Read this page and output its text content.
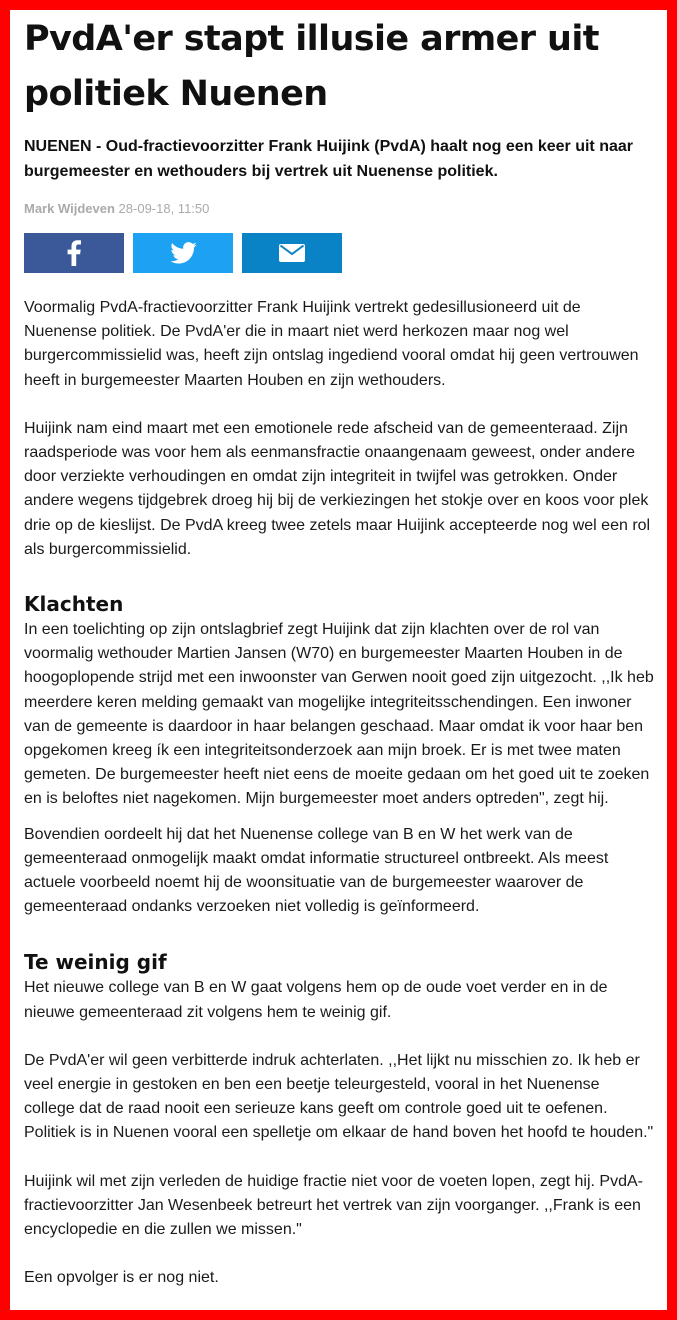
PvdA'er stapt illusie armer uit politiek Nuenen

NUENEN - Oud-fractievoorzitter Frank Huijink (PvdA) haalt nog een keer uit naar burgemeester en wethouders bij vertrek uit Nuenense politiek.

Mark Wijdeven 28-09-18, 11:50

Voormalig PvdA-fractievoorzitter Frank Huijink vertrekt gedesillusioneerd uit de Nuenense politiek. De PvdA'er die in maart niet werd herkozen maar nog wel burgercommissielid was, heeft zijn ontslag ingediend vooral omdat hij geen vertrouwen heeft in burgemeester Maarten Houben en zijn wethouders.

Huijink nam eind maart met een emotionele rede afscheid van de gemeenteraad. Zijn raadsperiode was voor hem als eenmansfractie onaangenaam geweest, onder andere door verziekte verhoudingen en omdat zijn integriteit in twijfel was getrokken. Onder andere wegens tijdgebrek droeg hij bij de verkiezingen het stokje over en koos voor plek drie op de kieslijst. De PvdA kreeg twee zetels maar Huijink accepteerde nog wel een rol als burgercommissielid.

Klachten

In een toelichting op zijn ontslagbrief zegt Huijink dat zijn klachten over de rol van voormalig wethouder Martien Jansen (W70) en burgemeester Maarten Houben in de hoogoplopende strijd met een inwoonster van Gerwen nooit goed zijn uitgezocht. ,,Ik heb meerdere keren melding gemaakt van mogelijke integriteitsschendingen. Een inwoner van de gemeente is daardoor in haar belangen geschaad. Maar omdat ik voor haar ben opgekomen kreeg ík een integriteitsonderzoek aan mijn broek. Er is met twee maten gemeten. De burgemeester heeft niet eens de moeite gedaan om het goed uit te zoeken en is beloftes niet nagekomen. Mijn burgemeester moet anders optreden", zegt hij.

Bovendien oordeelt hij dat het Nuenense college van B en W het werk van de gemeenteraad onmogelijk maakt omdat informatie structureel ontbreekt. Als meest actuele voorbeeld noemt hij de woonsituatie van de burgemeester waarover de gemeenteraad ondanks verzoeken niet volledig is geïnformeerd.

Te weinig gif

Het nieuwe college van B en W gaat volgens hem op de oude voet verder en in de nieuwe gemeenteraad zit volgens hem te weinig gif.

De PvdA'er wil geen verbitterde indruk achterlaten. ,,Het lijkt nu misschien zo. Ik heb er veel energie in gestoken en ben een beetje teleurgesteld, vooral in het Nuenense college dat de raad nooit een serieuze kans geeft om controle goed uit te oefenen. Politiek is in Nuenen vooral een spelletje om elkaar de hand boven het hoofd te houden."

Huijink wil met zijn verleden de huidige fractie niet voor de voeten lopen, zegt hij. PvdA-fractievoorzitter Jan Wesenbeek betreurt het vertrek van zijn voorganger. ,,Frank is een encyclopedie en die zullen we missen."

Een opvolger is er nog niet.
